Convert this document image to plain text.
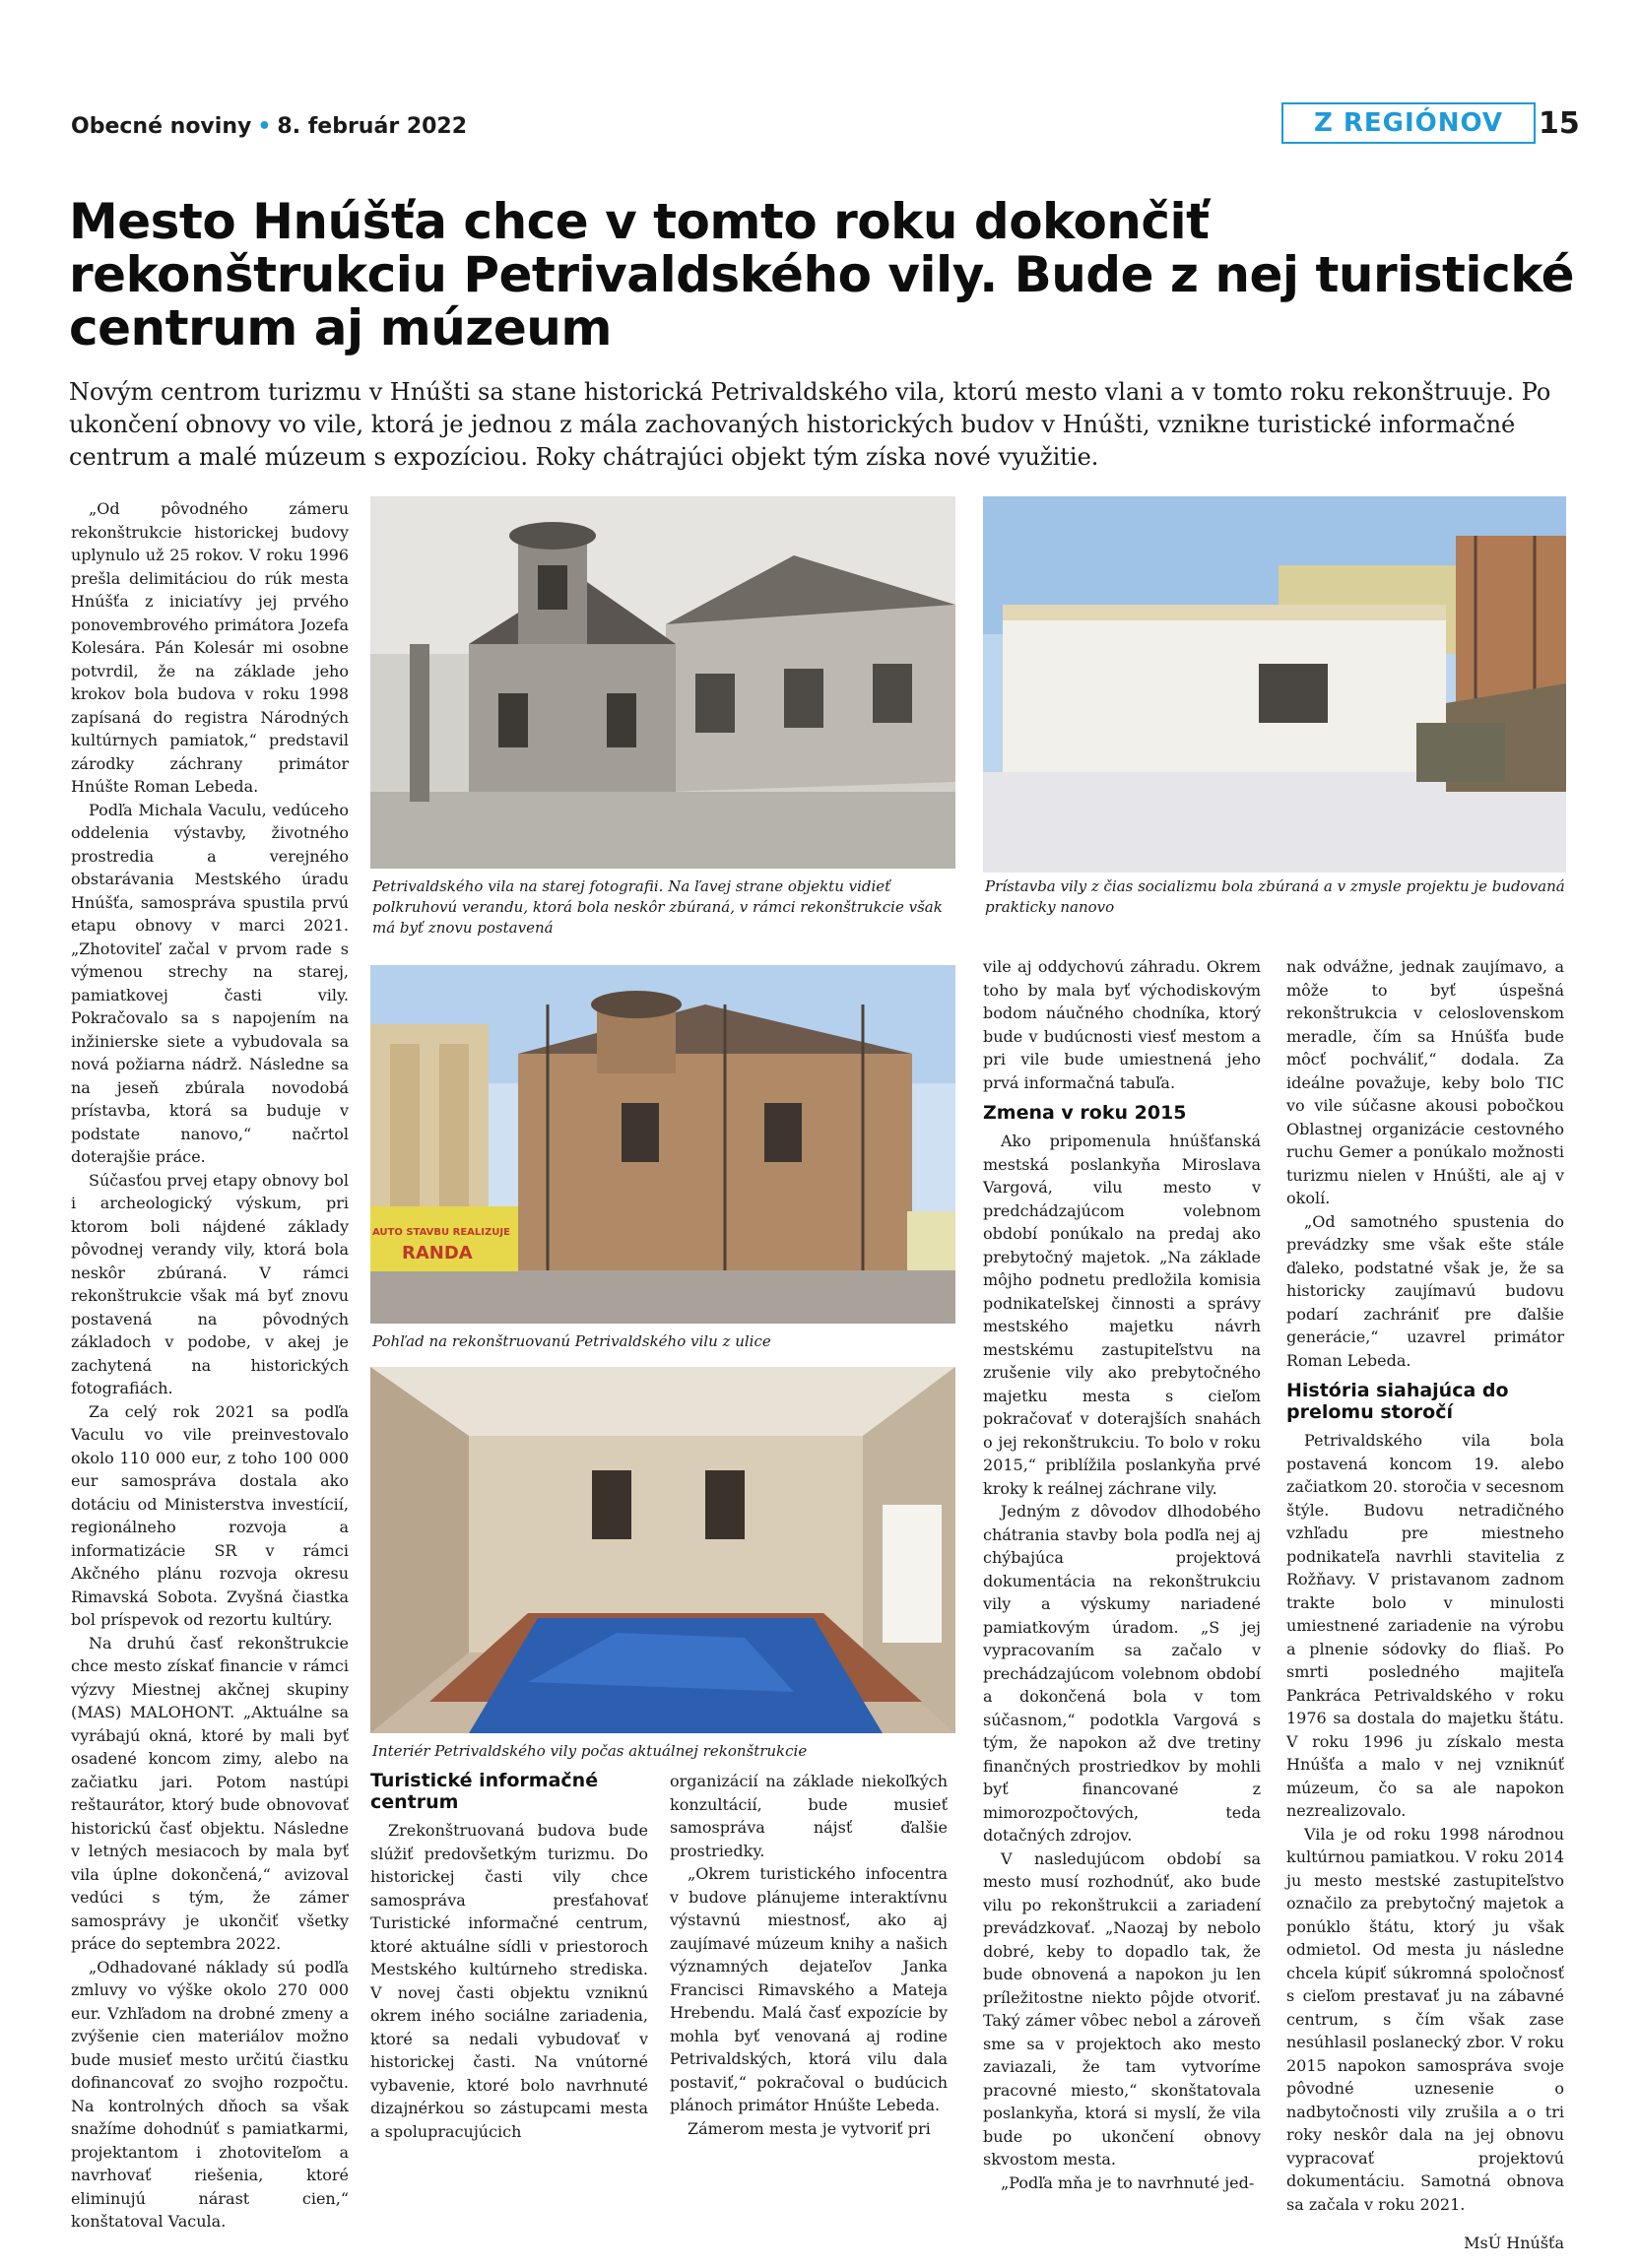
Obecné noviny • 8. február 2022	Z REGIÓNOV	15
Mesto Hnúšťa chce v tomto roku dokončiť rekonštrukciu Petrivaldského vily. Bude z nej turistické centrum aj múzeum

Novým centrom turizmu v Hnúšti sa stane historická Petrivaldského vila, ktorú mesto vlani a v tomto roku rekonštruuje. Po ukončení obnovy vo vile, ktorá je jednou z mála zachovaných historických budov v Hnúšti, vznikne turistické informačné centrum a malé múzeum s expozíciou. Roky chátrajúci objekt tým získa nové využitie.

„Od pôvodného zámeru rekonštrukcie historickej budovy uplynulo už 25 rokov. V roku 1996 prešla delimitáciou do rúk mesta Hnúšťa z iniciatívy jej prvého ponovembrového primátora Jozefa Kolesára. Pán Kolesár mi osobne potvrdil, že na základe jeho krokov bola budova v roku 1998 zapísaná do registra Národných kultúrnych pamiatok,“ predstavil zárodky záchrany primátor Hnúšte Roman Lebeda.

Podľa Michala Vaculu, vedúceho oddelenia výstavby, životného prostredia a verejného obstarávania Mestského úradu Hnúšťa, samospráva spustila prvú etapu obnovy v marci 2021. „Zhotoviteľ začal v prvom rade s výmenou strechy na starej, pamiatkovej časti vily. Pokračovalo sa s napojením na inžinierske siete a vybudovala sa nová požiarna nádrž. Následne sa na jeseň zbúrala novodobá prístavba, ktorá sa buduje v podstate nanovo,“ načrtol doterajšie práce.

Súčasťou prvej etapy obnovy bol i archeologický výskum, pri ktorom boli nájdené základy pôvodnej verandy vily, ktorá bola neskôr zbúraná. V rámci rekonštrukcie však má byť znovu postavená na pôvodných základoch v podobe, v akej je zachytená na historických fotografiách.

Za celý rok 2021 sa podľa Vaculu vo vile preinvestovalo okolo 110 000 eur, z toho 100 000 eur samospráva dostala ako dotáciu od Ministerstva investícií, regionálneho rozvoja a informatizácie SR v rámci Akčného plánu rozvoja okresu Rimavská Sobota. Zvyšná čiastka bol príspevok od rezortu kultúry.

Na druhú časť rekonštrukcie chce mesto získať financie v rámci výzvy Miestnej akčnej skupiny (MAS) MALOHONT. „Aktuálne sa vyrábajú okná, ktoré by mali byť osadené koncom zimy, alebo na začiatku jari. Potom nastúpi reštaurátor, ktorý bude obnovovať historickú časť objektu. Následne v letných mesiacoch by mala byť vila úplne dokončená,“ avizoval vedúci s tým, že zámer samosprávy je ukončiť všetky práce do septembra 2022.

„Odhadované náklady sú podľa zmluvy vo výške okolo 270 000 eur. Vzhľadom na drobné zmeny a zvýšenie cien materiálov možno bude musieť mesto určitú čiastku dofinancovať zo svojho rozpočtu. Na kontrolných dňoch sa však snažíme dohodnúť s pamiatkarmi, projektantom i zhotoviteľom a navrhovať riešenia, ktoré eliminujú nárast cien,“ konštatoval Vacula.

Petrivaldského vila na starej fotografii. Na ľavej strane objektu vidieť polkruhovú verandu, ktorá bola neskôr zbúraná, v rámci rekonštrukcie však má byť znovu postavená

Prístavba vily z čias socializmu bola zbúraná a v zmysle projektu je budovaná prakticky nanovo

AUTO STAVBU REALIZUJE
RANDA

Pohľad na rekonštruovanú Petrivaldského vilu z ulice

Interiér Petrivaldského vily počas aktuálnej rekonštrukcie

Turistické informačné centrum

Zrekonštruovaná budova bude slúžiť predovšetkým turizmu. Do historickej časti vily chce samospráva presťahovať Turistické informačné centrum, ktoré aktuálne sídli v priestoroch Mestského kultúrneho strediska. V novej časti objektu vzniknú okrem iného sociálne zariadenia, ktoré sa nedali vybudovať v historickej časti. Na vnútorné vybavenie, ktoré bolo navrhnuté dizajnérkou so zástupcami mesta a spolupracujúcich

organizácií na základe niekoľkých konzultácií, bude musieť samospráva nájsť ďalšie prostriedky.

„Okrem turistického infocentra v budove plánujeme interaktívnu výstavnú miestnosť, ako aj zaujímavé múzeum knihy a našich významných dejateľov Janka Francisci Rimavského a Mateja Hrebendu. Malá časť expozície by mohla byť venovaná aj rodine Petrivaldských, ktorá vilu dala postaviť,“ pokračoval o budúcich plánoch primátor Hnúšte Lebeda.

Zámerom mesta je vytvoriť pri

vile aj oddychovú záhradu. Okrem toho by mala byť východiskovým bodom náučného chodníka, ktorý bude v budúcnosti viesť mestom a pri vile bude umiestnená jeho prvá informačná tabuľa.

Zmena v roku 2015

Ako pripomenula hnúšťanská mestská poslankyňa Miroslava Vargová, vilu mesto v predchádzajúcom volebnom období ponúkalo na predaj ako prebytočný majetok. „Na základe môjho podnetu predložila komisia podnikateľskej činnosti a správy mestského majetku návrh mestskému zastupiteľstvu na zrušenie vily ako prebytočného majetku mesta s cieľom pokračovať v doterajších snahách o jej rekonštrukciu. To bolo v roku 2015,“ priblížila poslankyňa prvé kroky k reálnej záchrane vily.

Jedným z dôvodov dlhodobého chátrania stavby bola podľa nej aj chýbajúca projektová dokumentácia na rekonštrukciu vily a výskumy nariadené pamiatkovým úradom. „S jej vypracovaním sa začalo v prechádzajúcom volebnom období a dokončená bola v tom súčasnom,“ podotkla Vargová s tým, že napokon až dve tretiny finančných prostriedkov by mohli byť financované z mimorozpočtových, teda dotačných zdrojov.

V nasledujúcom období sa mesto musí rozhodnúť, ako bude vilu po rekonštrukcii a zariadení prevádzkovať. „Naozaj by nebolo dobré, keby to dopadlo tak, že bude obnovená a napokon ju len príležitostne niekto pôjde otvoriť. Taký zámer vôbec nebol a zároveň sme sa v projektoch ako mesto zaviazali, že tam vytvoríme pracovné miesto,“ skonštatovala poslankyňa, ktorá si myslí, že vila bude po ukončení obnovy skvostom mesta.

„Podľa mňa je to navrhnuté jed-

nak odvážne, jednak zaujímavo, a môže to byť úspešná rekonštrukcia v celoslovenskom meradle, čím sa Hnúšťa bude môcť pochváliť,“ dodala. Za ideálne považuje, keby bolo TIC vo vile súčasne akousi pobočkou Oblastnej organizácie cestovného ruchu Gemer a ponúkalo možnosti turizmu nielen v Hnúšti, ale aj v okolí.

„Od samotného spustenia do prevádzky sme však ešte stále ďaleko, podstatné však je, že sa historicky zaujímavú budovu podarí zachrániť pre ďalšie generácie,“ uzavrel primátor Roman Lebeda.

História siahajúca do prelomu storočí

Petrivaldského vila bola postavená koncom 19. alebo začiatkom 20. storočia v secesnom štýle. Budovu netradičného vzhľadu pre miestneho podnikateľa navrhli stavitelia z Rožňavy. V pristavanom zadnom trakte bolo v minulosti umiestnené zariadenie na výrobu a plnenie sódovky do fliaš. Po smrti posledného majiteľa Pankráca Petrivaldského v roku 1976 sa dostala do majetku štátu. V roku 1996 ju získalo mesta Hnúšťa a malo v nej vzniknúť múzeum, čo sa ale napokon nezrealizovalo.

Vila je od roku 1998 národnou kultúrnou pamiatkou. V roku 2014 ju mesto mestské zastupiteľstvo označilo za prebytočný majetok a ponúklo štátu, ktorý ju však odmietol. Od mesta ju následne chcela kúpiť súkromná spoločnosť s cieľom prestavať ju na zábavné centrum, s čím však zase nesúhlasil poslanecký zbor. V roku 2015 napokon samospráva svoje pôvodné uznesenie o nadbytočnosti vily zrušila a o tri roky neskôr dala na jej obnovu vypracovať projektovú dokumentáciu. Samotná obnova sa začala v roku 2021.

MsÚ Hnúšťa
